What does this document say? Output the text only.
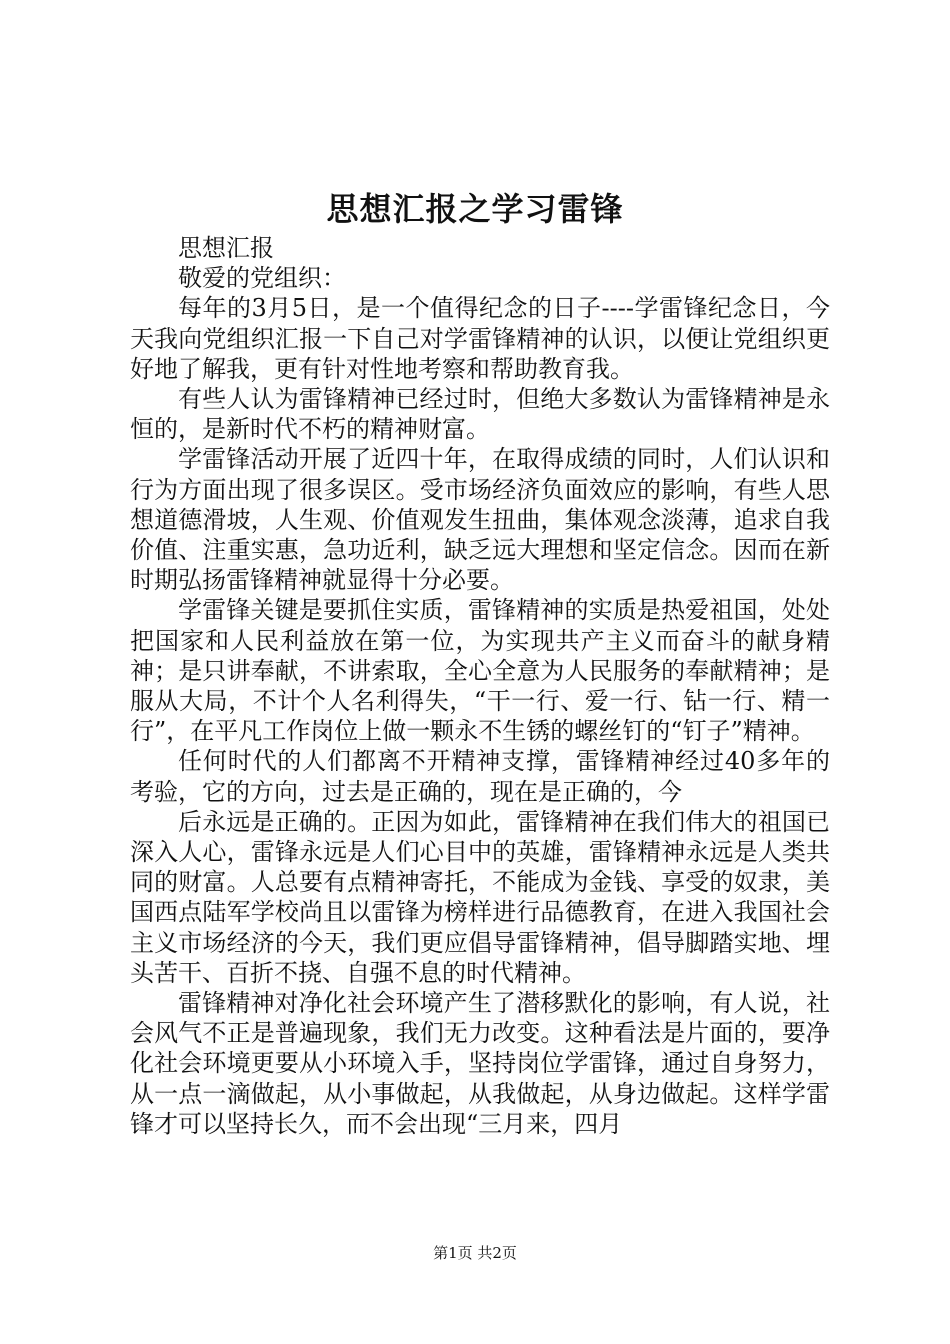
思想汇报之学习雷锋

思想汇报

敬爱的党组织：

每年的3月5日，是一个值得纪念的日子----学雷锋纪念日，今天我向党组织汇报一下自己对学雷锋精神的认识，以便让党组织更好地了解我，更有针对性地考察和帮助教育我。

有些人认为雷锋精神已经过时，但绝大多数认为雷锋精神是永恒的，是新时代不朽的精神财富。

学雷锋活动开展了近四十年，在取得成绩的同时，人们认识和行为方面出现了很多误区。受市场经济负面效应的影响，有些人思想道德滑坡，人生观、价值观发生扭曲，集体观念淡薄，追求自我价值、注重实惠，急功近利，缺乏远大理想和坚定信念。因而在新时期弘扬雷锋精神就显得十分必要。

学雷锋关键是要抓住实质，雷锋精神的实质是热爱祖国，处处把国家和人民利益放在第一位，为实现共产主义而奋斗的献身精神；是只讲奉献，不讲索取，全心全意为人民服务的奉献精神；是服从大局，不计个人名利得失，“干一行、爱一行、钻一行、精一行”，在平凡工作岗位上做一颗永不生锈的螺丝钉的“钉子”精神。

任何时代的人们都离不开精神支撑，雷锋精神经过40多年的考验，它的方向，过去是正确的，现在是正确的，今

后永远是正确的。正因为如此，雷锋精神在我们伟大的祖国已深入人心，雷锋永远是人们心目中的英雄，雷锋精神永远是人类共同的财富。人总要有点精神寄托，不能成为金钱、享受的奴隶，美国西点陆军学校尚且以雷锋为榜样进行品德教育，在进入我国社会主义市场经济的今天，我们更应倡导雷锋精神，倡导脚踏实地、埋头苦干、百折不挠、自强不息的时代精神。

雷锋精神对净化社会环境产生了潜移默化的影响，有人说，社会风气不正是普遍现象，我们无力改变。这种看法是片面的，要净化社会环境更要从小环境入手，坚持岗位学雷锋，通过自身努力，从一点一滴做起，从小事做起，从我做起，从身边做起。这样学雷锋才可以坚持长久，而不会出现“三月来，四月

第1页 共2页
